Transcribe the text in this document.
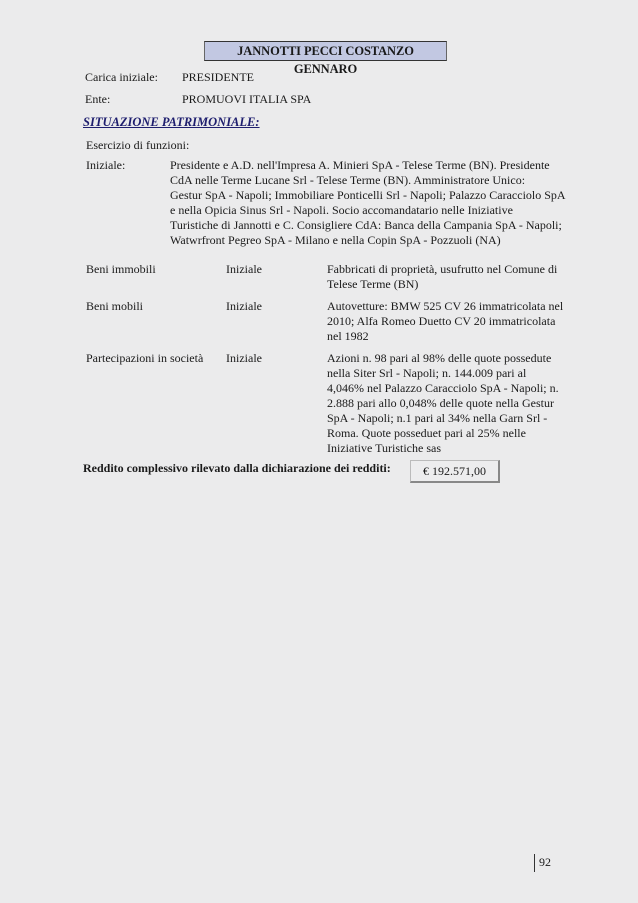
JANNOTTI PECCI COSTANZO GENNARO
Carica iniziale: PRESIDENTE
Ente:	PROMUOVI ITALIA SPA
SITUAZIONE PATRIMONIALE:
Esercizio di funzioni:
Iniziale:	Presidente e A.D. nell'Impresa A. Minieri SpA - Telese Terme (BN). Presidente
CdA nelle Terme Lucane Srl - Telese Terme (BN). Amministratore Unico:
Gestur SpA - Napoli; Immobiliare Ponticelli Srl - Napoli; Palazzo Caracciolo SpA
e nella Opicia Sinus Srl - Napoli. Socio accomandatario nelle Iniziative
Turistiche di Jannotti e C. Consigliere CdA: Banca della Campania SpA - Napoli;
Watwrfront Pegreo SpA - Milano e nella Copin SpA - Pozzuoli (NA)
Beni immobili	Iniziale	Fabbricati di proprietà, usufrutto nel Comune di
Telese Terme (BN)
Beni mobili	Iniziale	Autovetture: BMW 525 CV 26 immatricolata nel
2010; Alfa Romeo Duetto CV 20 immatricolata
nel 1982
Partecipazioni in società Iniziale	Azioni n. 98 pari al 98% delle quote possedute
nella Siter Srl - Napoli; n. 144.009 pari al
4,046% nel Palazzo Caracciolo SpA - Napoli; n.
2.888 pari allo 0,048% delle quote nella Gestur
SpA - Napoli; n.1 pari al 34% nella Garn Srl -
Roma. Quote posseduet pari al 25% nelle
Iniziative Turistiche sas
Reddito complessivo rilevato dalla dichiarazione dei redditi:	€ 192.571,00
92
